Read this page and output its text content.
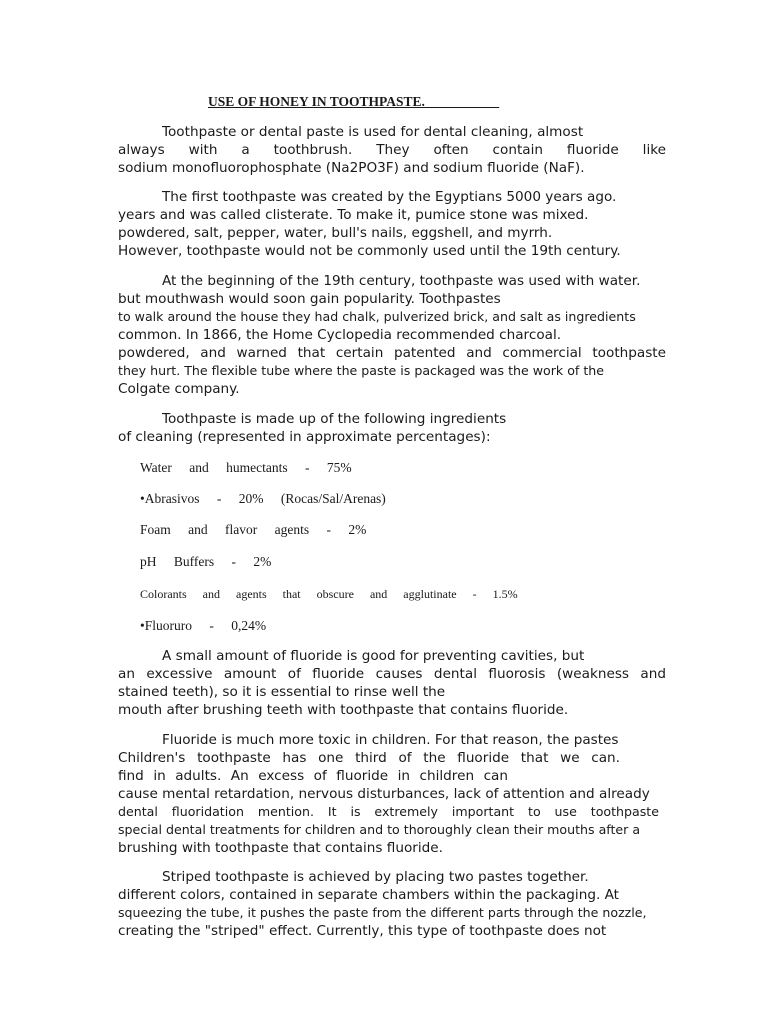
USE OF HONEY IN TOOTHPASTE.
Toothpaste or dental paste is used for dental cleaning, almost
always with a toothbrush. They often contain fluoride like
sodium monofluorophosphate (Na2PO3F) and sodium fluoride (NaF).
The first toothpaste was created by the Egyptians 5000 years ago.
years and was called clisterate. To make it, pumice stone was mixed.
powdered, salt, pepper, water, bull's nails, eggshell, and myrrh.
However, toothpaste would not be commonly used until the 19th century.
At the beginning of the 19th century, toothpaste was used with water.
but mouthwash would soon gain popularity. Toothpastes
to walk around the house they had chalk, pulverized brick, and salt as ingredients
common. In 1866, the Home Cyclopedia recommended charcoal.
powdered, and warned that certain patented and commercial toothpaste
they hurt. The flexible tube where the paste is packaged was the work of the
Colgate company.
Toothpaste is made up of the following ingredients
of cleaning (represented in approximate percentages):
Water and humectants - 75%
•Abrasivos - 20% (Rocas/Sal/Arenas)
Foam and flavor agents - 2%
pH Buffers - 2%
Colorants and agents that obscure and agglutinate - 1.5%
•Fluoruro - 0,24%
A small amount of fluoride is good for preventing cavities, but
an excessive amount of fluoride causes dental fluorosis (weakness and
stained teeth), so it is essential to rinse well the
mouth after brushing teeth with toothpaste that contains fluoride.
Fluoride is much more toxic in children. For that reason, the pastes
Children's toothpaste has one third of the fluoride that we can.
find in adults. An excess of fluoride in children can
cause mental retardation, nervous disturbances, lack of attention and already
dental fluoridation mention. It is extremely important to use toothpaste
special dental treatments for children and to thoroughly clean their mouths after a
brushing with toothpaste that contains fluoride.
Striped toothpaste is achieved by placing two pastes together.
different colors, contained in separate chambers within the packaging. At
squeezing the tube, it pushes the paste from the different parts through the nozzle,
creating the "striped" effect. Currently, this type of toothpaste does not
